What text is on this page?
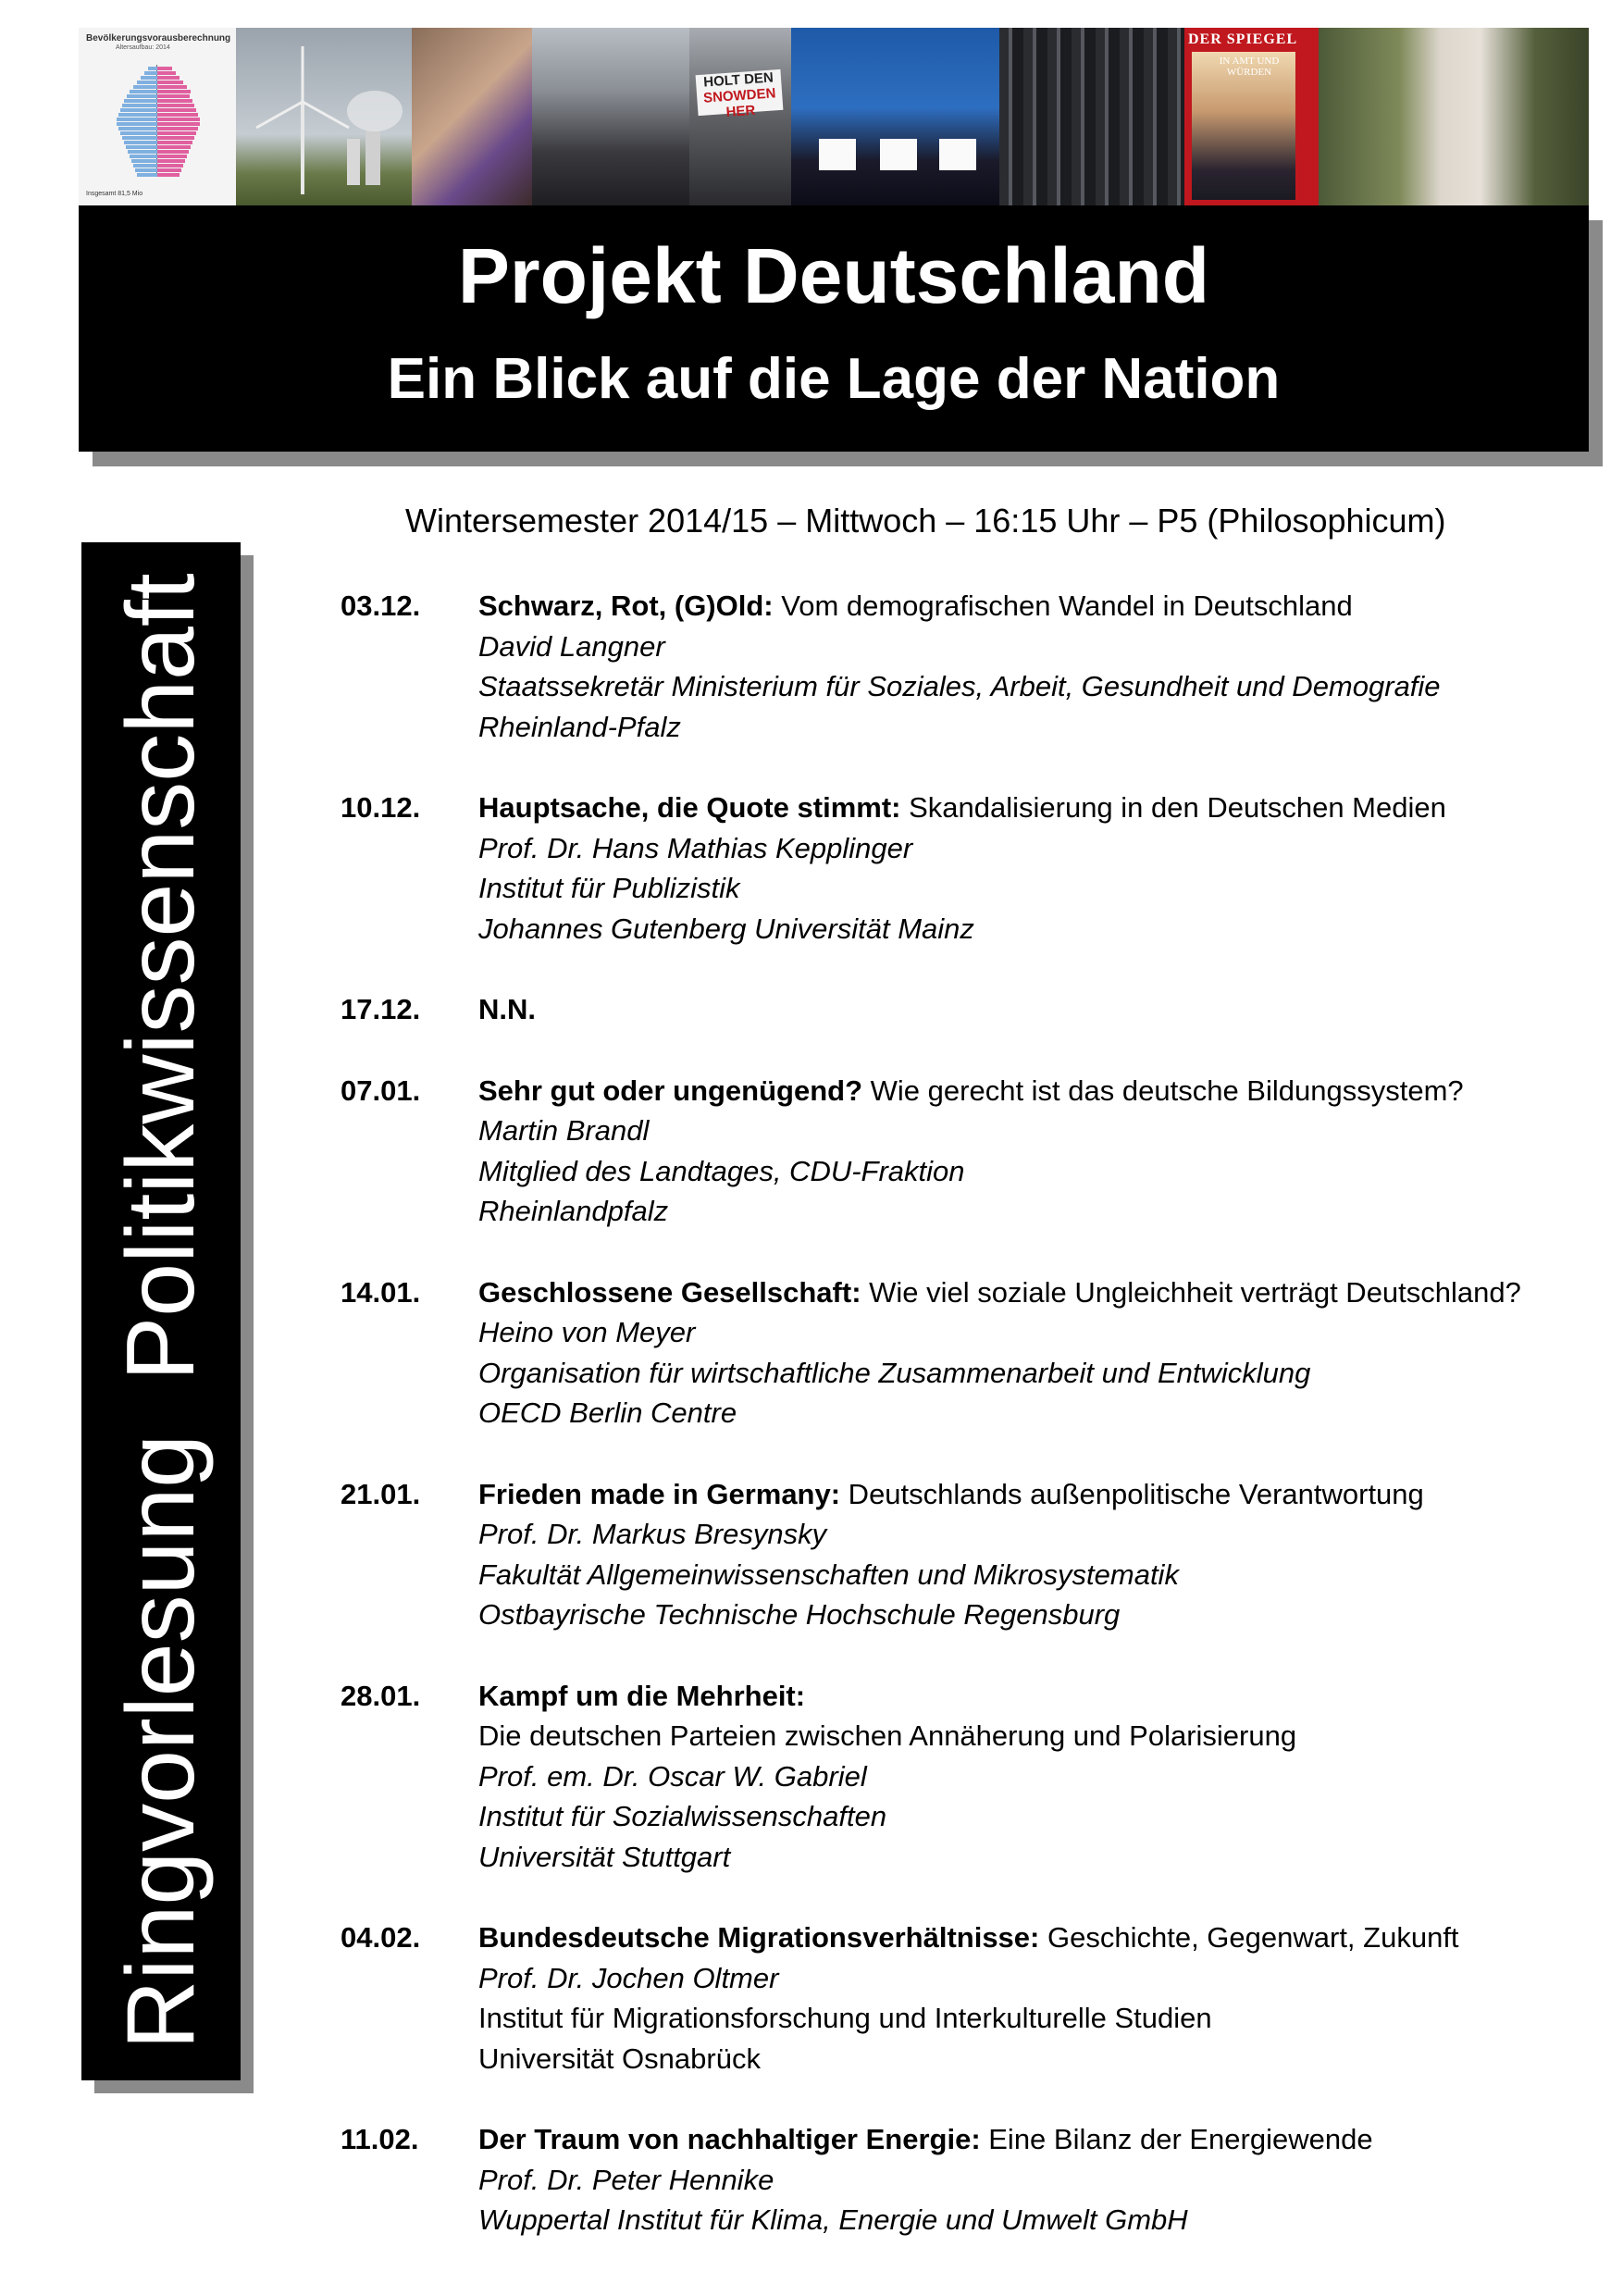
Bevölkerungsvorausberechnung
Altersaufbau: 2014
Insgesamt 81,5 Mio
HOLT DEN
SNOWDEN HER
DER SPIEGEL
IN AMT UND WÜRDEN
Projekt Deutschland
Ein Blick auf die Lage der Nation
Ringvorlesung  Politikwissenschaft
Wintersemester 2014/15 – Mittwoch – 16:15 Uhr – P5 (Philosophicum)
03.12.	Schwarz, Rot, (G)Old: Vom demografischen Wandel in Deutschland
David Langner
Staatssekretär Ministerium für Soziales, Arbeit, Gesundheit und Demografie
Rheinland-Pfalz
10.12.	Hauptsache, die Quote stimmt: Skandalisierung in den Deutschen Medien
Prof. Dr. Hans Mathias Kepplinger
Institut für Publizistik
Johannes Gutenberg Universität Mainz
17.12.	N.N.
07.01.	Sehr gut oder ungenügend? Wie gerecht ist das deutsche Bildungssystem?
Martin Brandl
Mitglied des Landtages, CDU-Fraktion
Rheinlandpfalz
14.01.	Geschlossene Gesellschaft: Wie viel soziale Ungleichheit verträgt Deutschland?
Heino von Meyer
Organisation für wirtschaftliche Zusammenarbeit und Entwicklung
OECD Berlin Centre
21.01.	Frieden made in Germany: Deutschlands außenpolitische Verantwortung
Prof. Dr. Markus Bresynsky
Fakultät Allgemeinwissenschaften und Mikrosystematik
Ostbayrische Technische Hochschule Regensburg
28.01.	Kampf um die Mehrheit:
Die deutschen Parteien zwischen Annäherung und Polarisierung
Prof. em. Dr. Oscar W. Gabriel
Institut für Sozialwissenschaften
Universität Stuttgart
04.02.	Bundesdeutsche Migrationsverhältnisse: Geschichte, Gegenwart, Zukunft
Prof. Dr. Jochen Oltmer
Institut für Migrationsforschung und Interkulturelle Studien
Universität Osnabrück
11.02.	Der Traum von nachhaltiger Energie: Eine Bilanz der Energiewende
Prof. Dr. Peter Hennike
Wuppertal Institut für Klima, Energie und Umwelt GmbH
